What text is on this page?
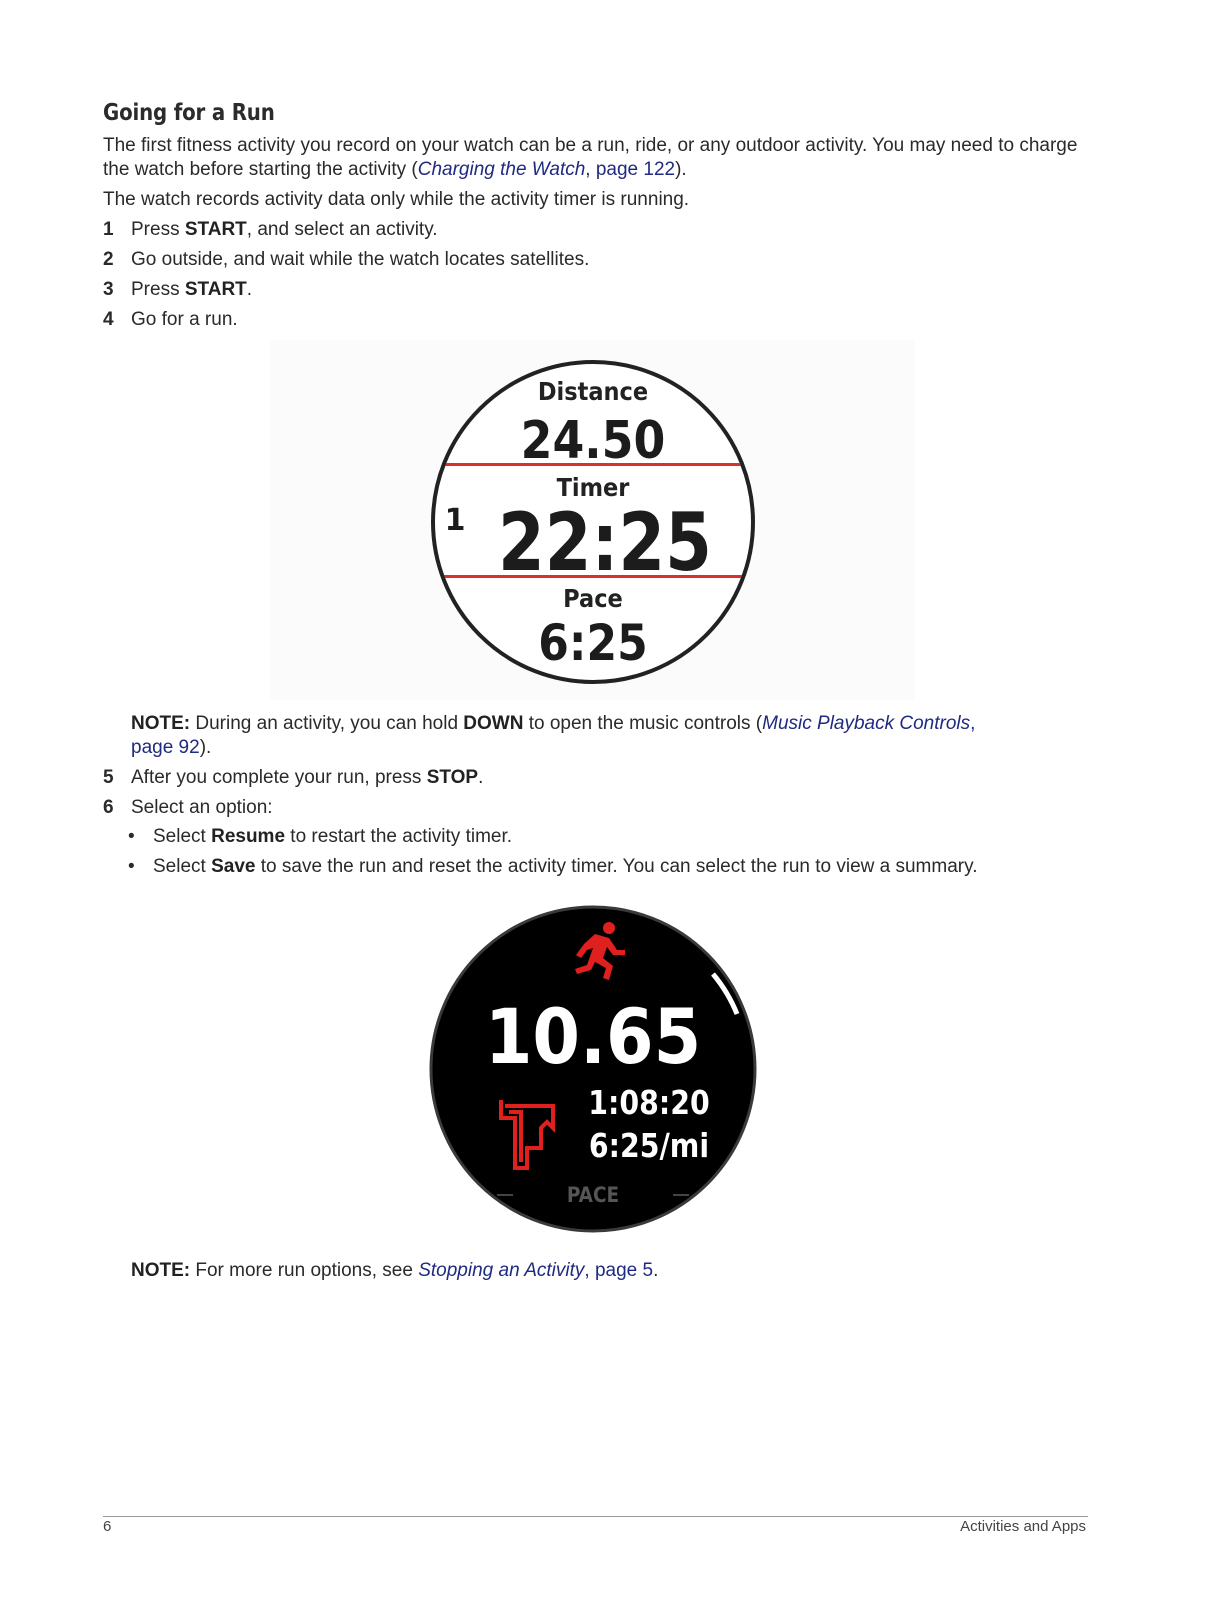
Going for a Run

The first fitness activity you record on your watch can be a run, ride, or any outdoor activity. You may need to charge the watch before starting the activity (Charging the Watch, page 122).

The watch records activity data only while the activity timer is running.

1 Press START, and select an activity.
2 Go outside, and wait while the watch locates satellites.
3 Press START.
4 Go for a run.
Distance
24.50
Timer
1 22:25
Pace
6:25
NOTE: During an activity, you can hold DOWN to open the music controls (Music Playback Controls,
page 92).
5 After you complete your run, press STOP.
6 Select an option:
• Select Resume to restart the activity timer.
• Select Save to save the run and reset the activity timer. You can select the run to view a summary.
10.65
1:08:20
6:25/mi
PACE
NOTE: For more run options, see Stopping an Activity, page 5.
6	Activities and Apps
